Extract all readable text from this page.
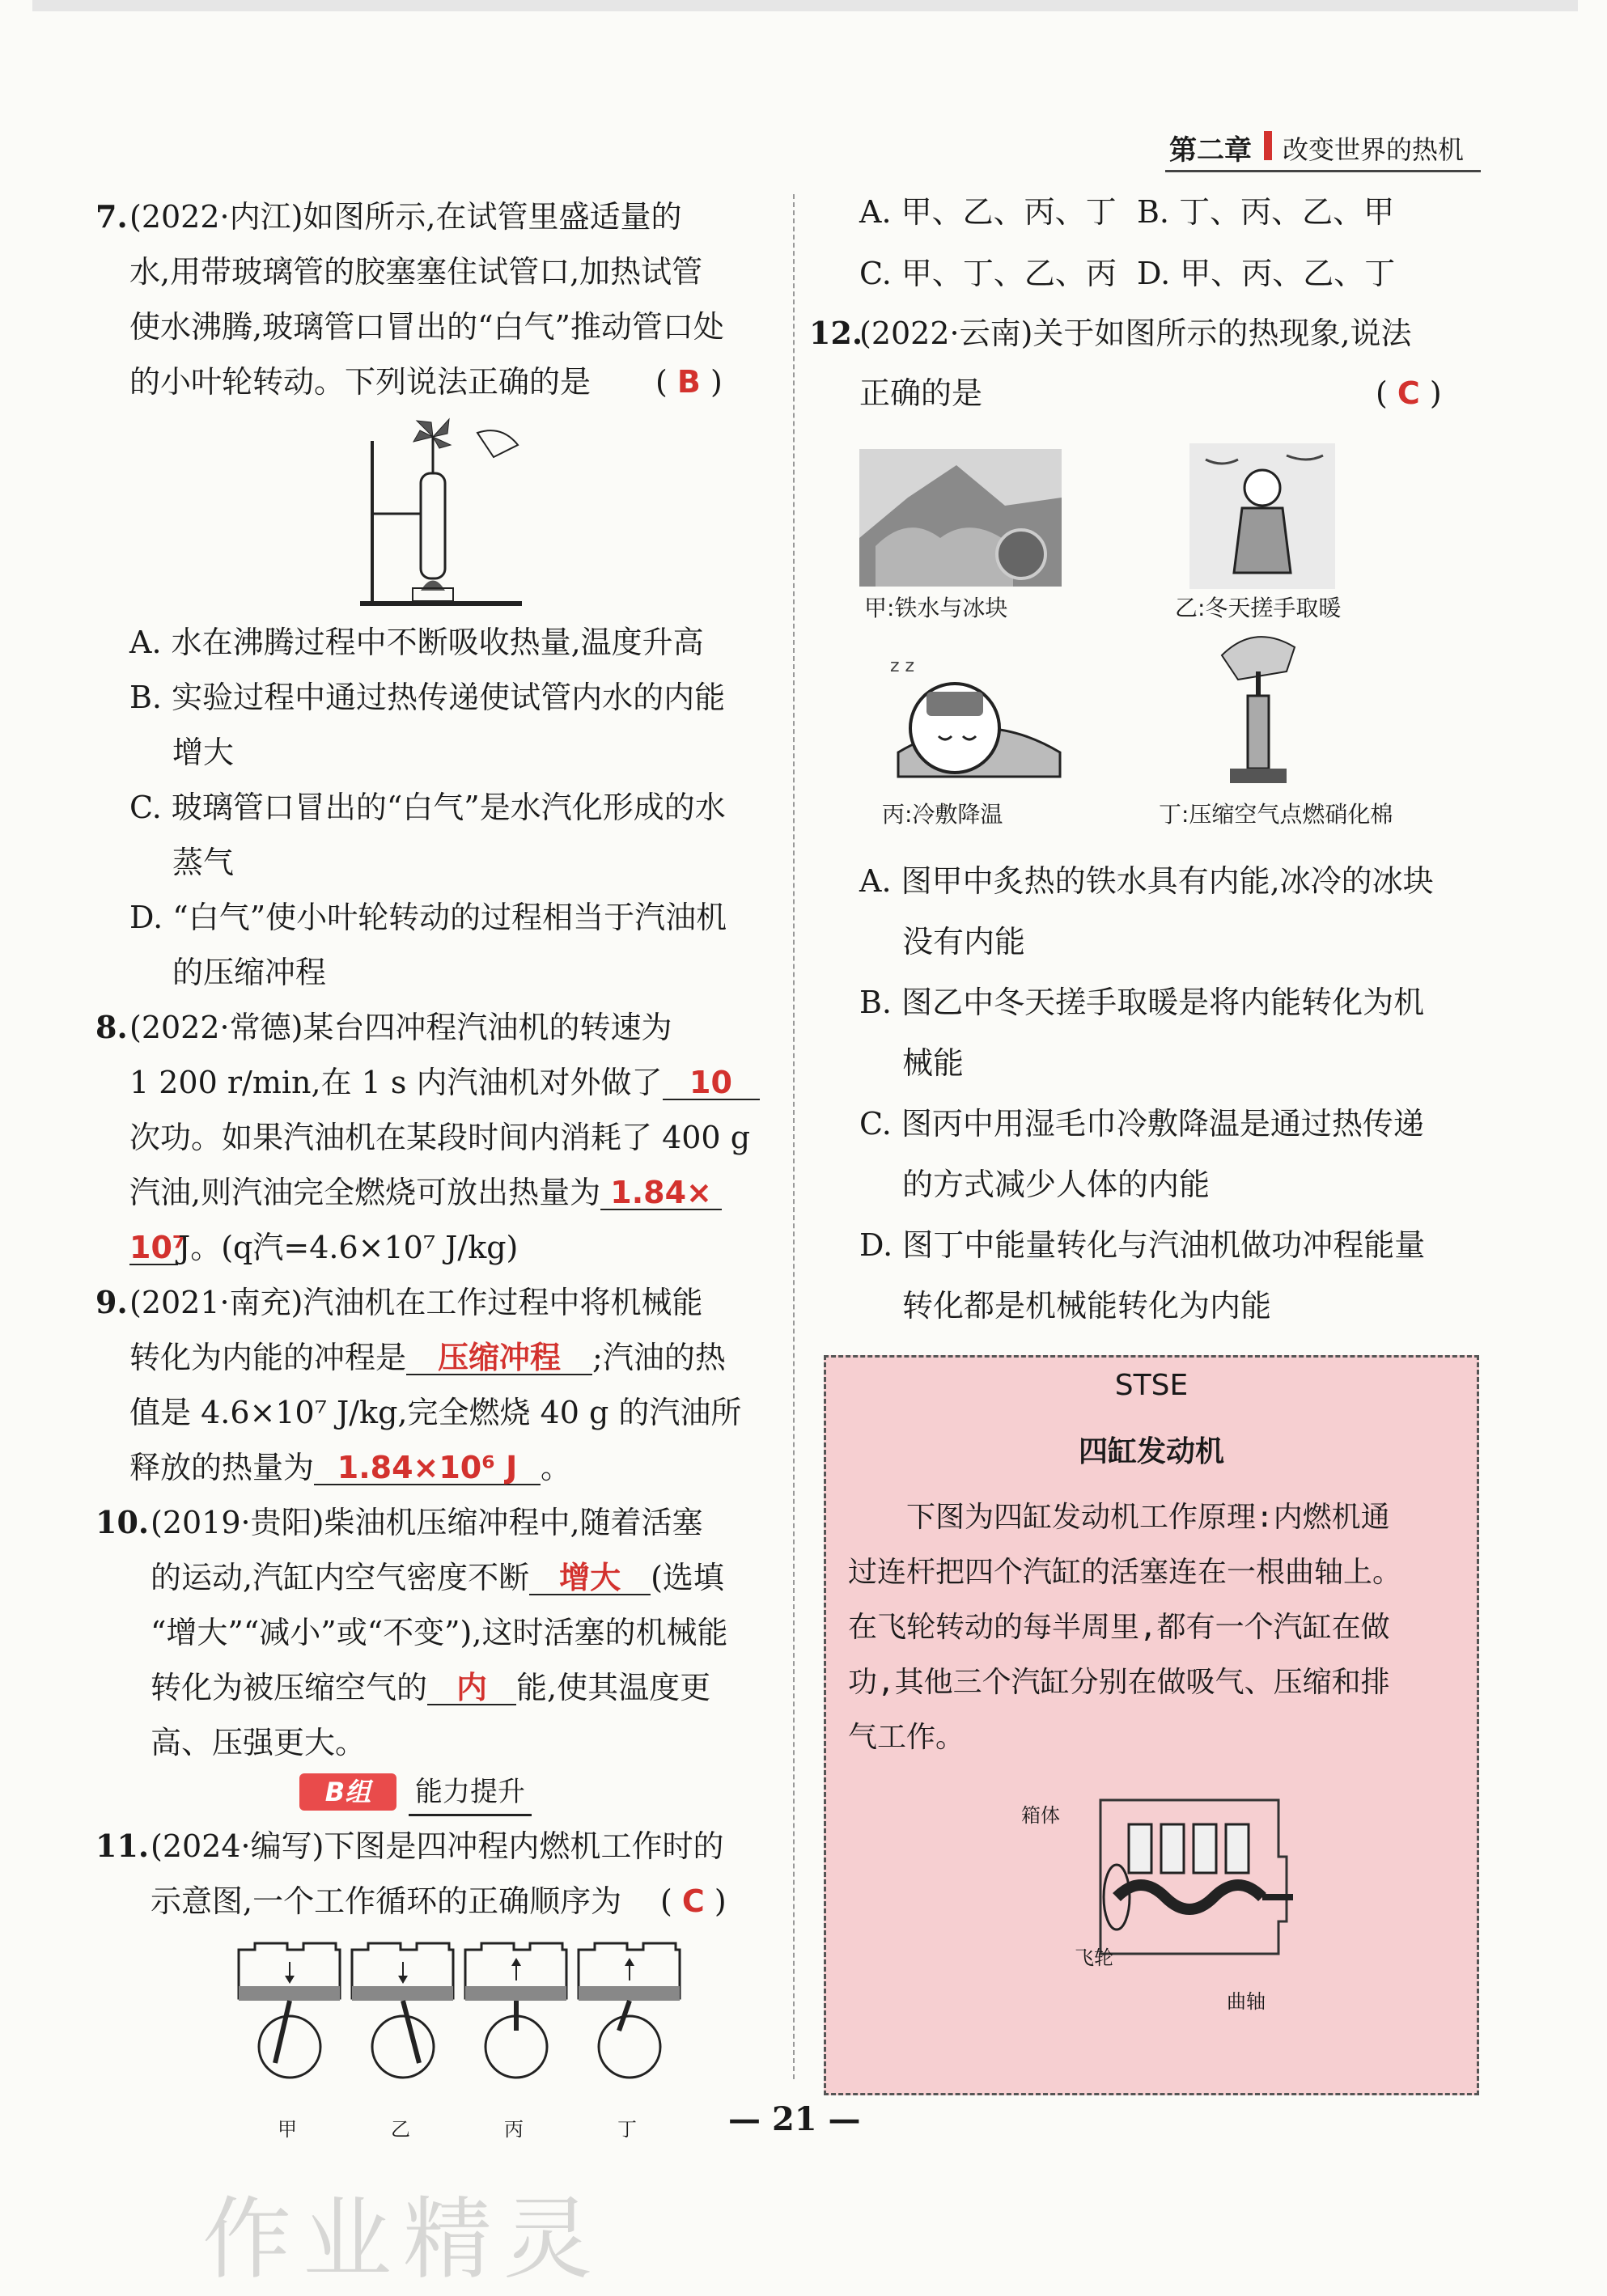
第二章 改变世界的热机
7. (2022·内江)如图所示,在试管里盛适量的
水,用带玻璃管的胶塞塞住试管口,加热试管
使水沸腾,玻璃管口冒出的“白气”推动管口处
的小叶轮转动。下列说法正确的是 ( B )
A. 水在沸腾过程中不断吸收热量,温度升高
B. 实验过程中通过热传递使试管内水的内能
增大
C. 玻璃管口冒出的“白气”是水汽化形成的水
蒸气
D. “白气”使小叶轮转动的过程相当于汽油机
的压缩冲程
8. (2022·常德)某台四冲程汽油机的转速为
1 200 r/min,在 1 s 内汽油机对外做了 10
次功。如果汽油机在某段时间内消耗了 400 g
汽油,则汽油完全燃烧可放出热量为 1.84×
10⁷J。(q汽=4.6×10⁷ J/kg)
9. (2021·南充)汽油机在工作过程中将机械能
转化为内能的冲程是 压缩冲程 ;汽油的热
值是 4.6×10⁷ J/kg,完全燃烧 40 g 的汽油所
释放的热量为 1.84×10⁶ J 。
10. (2019·贵阳)柴油机压缩冲程中,随着活塞
的运动,汽缸内空气密度不断 增大 (选填
“增大”“减小”或“不变”),这时活塞的机械能
转化为被压缩空气的 内 能,使其温度更
高、压强更大。
B组	能力提升
11. (2024·编写)下图是四冲程内燃机工作时的
示意图,一个工作循环的正确顺序为 ( C )
甲	乙	丙	丁
A. 甲、乙、丙、丁 B. 丁、丙、乙、甲
C. 甲、丁、乙、丙 D. 甲、丙、乙、丁
12.
(2022·云南)关于如图所示的热现象,说法
正确的是	( C )
甲:铁水与冰块	乙:冬天搓手取暖
z z
丙:冷敷降温	丁:压缩空气点燃硝化棉
A. 图甲中炙热的铁水具有内能,冰冷的冰块
没有内能
B. 图乙中冬天搓手取暖是将内能转化为机
械能
C. 图丙中用湿毛巾冷敷降温是通过热传递
的方式减少人体的内能
D. 图丁中能量转化与汽油机做功冲程能量
转化都是机械能转化为内能
STSE
四缸发动机
下图为四缸发动机工作原理:内燃机通
过连杆把四个汽缸的活塞连在一根曲轴上。
在飞轮转动的每半周里,都有一个汽缸在做
功,其他三个汽缸分别在做吸气、压缩和排
气工作。
箱体
飞轮
曲轴
— 21 —
作业精灵
